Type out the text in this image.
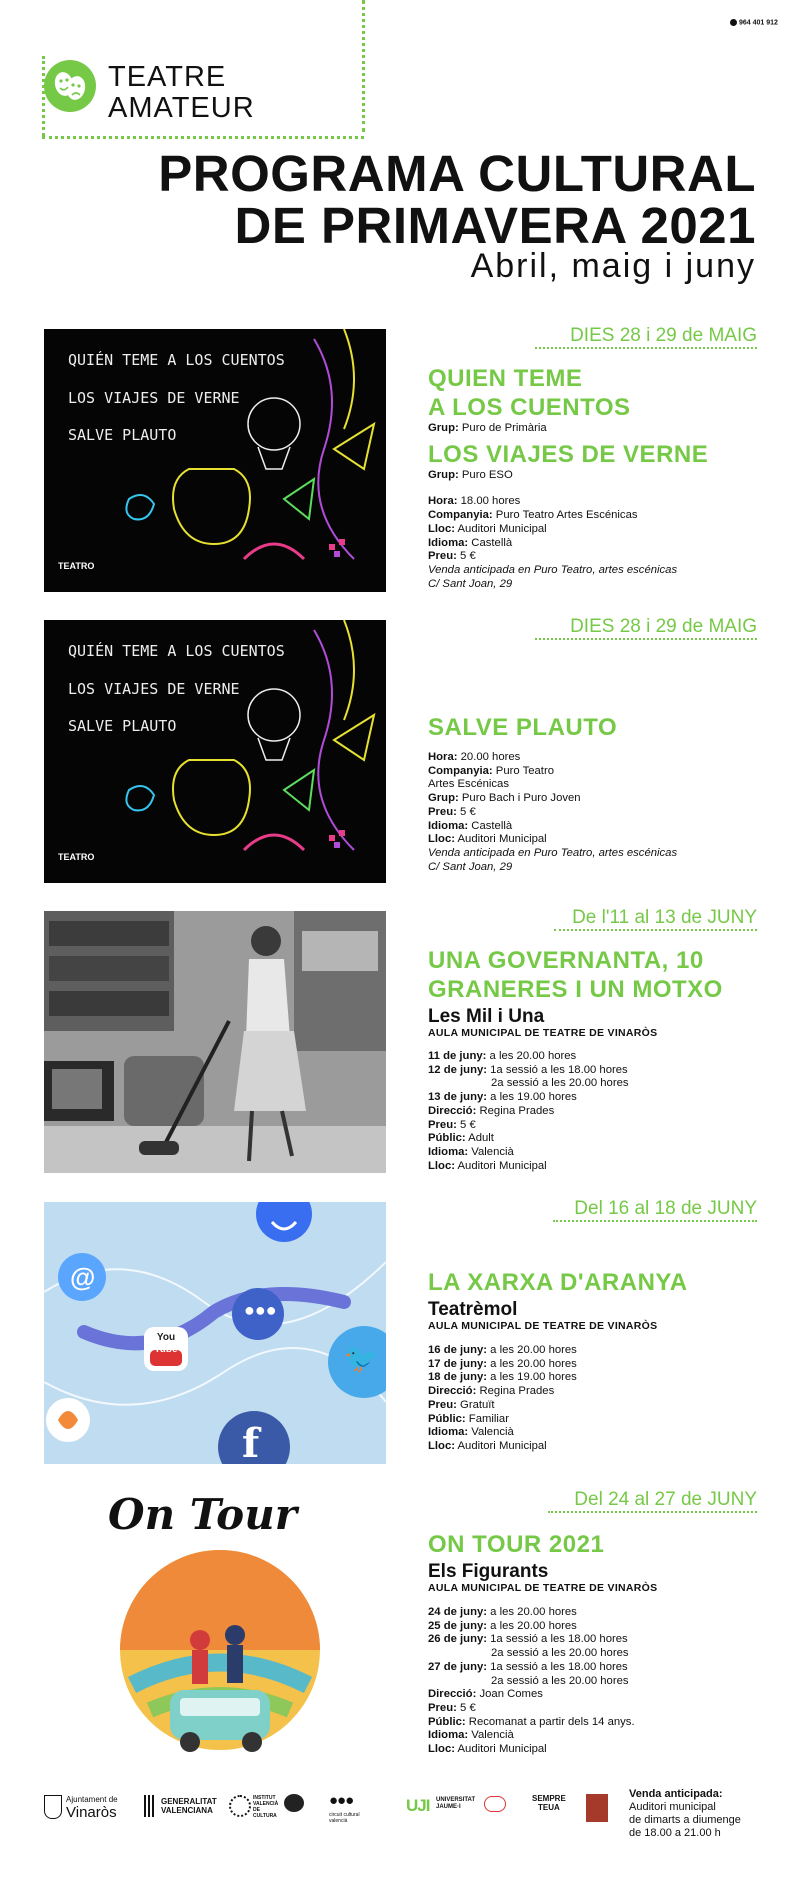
964 401 912
TEATRE
AMATEUR
PROGRAMA CULTURAL
DE PRIMAVERA 2021
Abril, maig i juny
QUIÉN TEME A LOS CUENTOS
LOS VIAJES DE VERNE
SALVE PLAUTO
TEATRO
DIES 28 i 29 de MAIG
QUIEN TEME
A LOS CUENTOS
Grup: Puro de Primària
LOS VIAJES DE VERNE
Grup: Puro ESO
Hora: 18.00 hores
Companyia: Puro Teatro Artes Escénicas
Lloc: Auditori Municipal
Idioma: Castellà
Preu: 5 €
Venda anticipada en Puro Teatro, artes escénicas
C/ Sant Joan, 29
QUIÉN TEME A LOS CUENTOS
LOS VIAJES DE VERNE
SALVE PLAUTO
TEATRO
DIES 28 i 29 de MAIG
SALVE PLAUTO
Hora: 20.00 hores
Companyia: Puro Teatro
Artes Escénicas
Grup: Puro Bach i Puro Joven
Preu: 5 €
Idioma: Castellà
Lloc: Auditori Municipal
Venda anticipada en Puro Teatro, artes escénicas
C/ Sant Joan, 29
De l'11 al 13 de JUNY
UNA GOVERNANTA, 10
GRANERES I UN MOTXO
Les Mil i Una
AULA MUNICIPAL DE TEATRE DE VINARÒS
11 de juny: a les 20.00 hores
12 de juny: 1a sessió a les 18.00 hores
2a sessió a les 20.00 hores
13 de juny: a les 19.00 hores
Direcció: Regina Prades
Preu: 5 €
Públic: Adult
Idioma: Valencià
Lloc: Auditori Municipal
@
You
Tube	🐦
f
●●●
Del 16 al 18 de JUNY
LA XARXA D'ARANYA
Teatrèmol
AULA MUNICIPAL DE TEATRE DE VINARÒS
16 de juny: a les 20.00 hores
17 de juny: a les 20.00 hores
18 de juny: a les 19.00 hores
Direcció: Regina Prades
Preu: Gratuït
Públic: Familiar
Idioma: Valencià
Lloc: Auditori Municipal
On Tour	Del 24 al 27 de JUNY
ON TOUR 2021
Els Figurants
AULA MUNICIPAL DE TEATRE DE VINARÒS
24 de juny: a les 20.00 hores
25 de juny: a les 20.00 hores
26 de juny: 1a sessió a les 18.00 hores
2a sessió a les 20.00 hores
27 de juny: 1a sessió a les 18.00 hores
2a sessió a les 20.00 hores
Direcció: Joan Comes
Preu: 5 €
Públic: Recomanat a partir dels 14 anys.
Idioma: Valencià
Lloc: Auditori Municipal
Ajuntament de
Vinaròs
GENERALITAT
VALENCIANA
INSTITUT
VALENCIÀ
DE CULTURA
●●●
circuit cultural
valencià
UJI UNIVERSITAT
JAUME·I
SEMPRE
TEUA
Venda anticipada:
Auditori municipal
de dimarts a diumenge
de 18.00 a 21.00 h
